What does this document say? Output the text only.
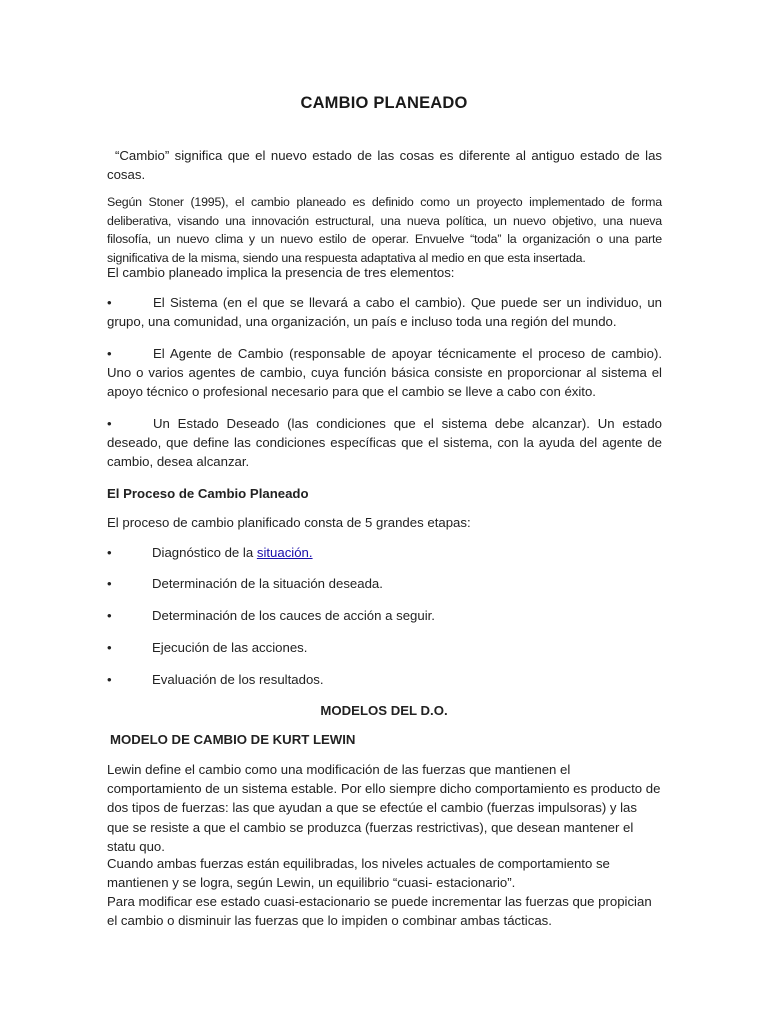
CAMBIO PLANEADO

“Cambio” significa que el nuevo estado de las cosas es diferente al antiguo estado de las cosas.

Según Stoner (1995), el cambio planeado es definido como un proyecto implementado de forma deliberativa, visando una innovación estructural, una nueva política, un nuevo objetivo, una nueva filosofía, un nuevo clima y un nuevo estilo de operar. Envuelve “toda” la organización o una parte significativa de la misma, siendo una respuesta adaptativa al medio en que esta insertada.

El cambio planeado implica la presencia de tres elementos:

El Sistema (en el que se llevará a cabo el cambio). Que puede ser un individuo, un grupo, una comunidad, una organización, un país e incluso toda una región del mundo.

•

El Agente de Cambio (responsable de apoyar técnicamente el proceso de cambio). Uno o varios agentes de cambio, cuya función básica consiste en proporcionar al sistema el apoyo técnico o profesional necesario para que el cambio se lleve a cabo con éxito.

•

Un Estado Deseado (las condiciones que el sistema debe alcanzar). Un estado deseado, que define las condiciones específicas que el sistema, con la ayuda del agente de cambio, desea alcanzar.

•

El Proceso de Cambio Planeado

El proceso de cambio planificado consta de 5 grandes etapas:

•	Diagnóstico de la situación.
•	Determinación de la situación deseada.
•	Determinación de los cauces de acción a seguir.
•	Ejecución de las acciones.
•	Evaluación de los resultados.

MODELOS DEL D.O.

MODELO DE CAMBIO DE KURT LEWIN

Lewin define el cambio como una modificación de las fuerzas que mantienen el comportamiento de un sistema estable. Por ello siempre dicho comportamiento es producto de dos tipos de fuerzas: las que ayudan a que se efectúe el cambio (fuerzas impulsoras) y las que se resiste a que el cambio se produzca (fuerzas restrictivas), que desean mantener el statu quo.

Cuando ambas fuerzas están equilibradas, los niveles actuales de comportamiento se mantienen y se logra, según Lewin, un equilibrio “cuasi- estacionario”.

Para modificar ese estado cuasi-estacionario se puede incrementar las fuerzas que propician el cambio o disminuir las fuerzas que lo impiden o combinar ambas tácticas.
